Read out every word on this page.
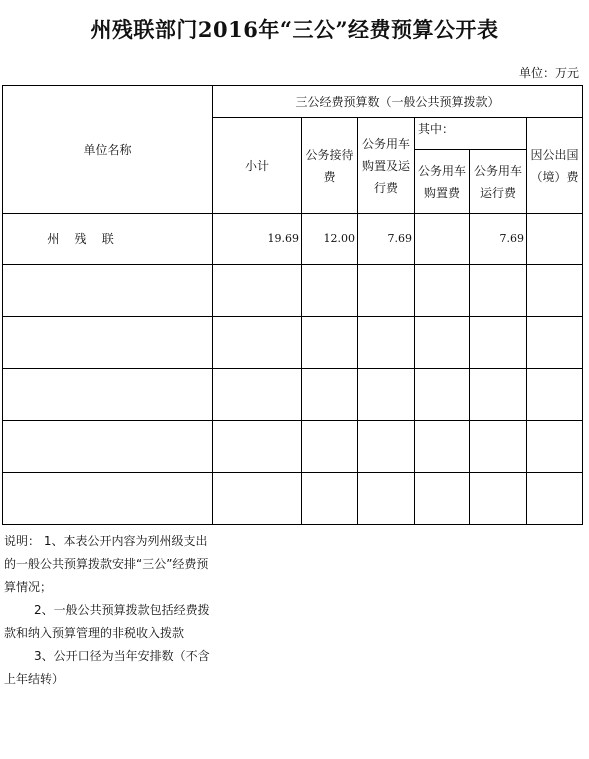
州残联部门2016年“三公”经费预算公开表
单位：万元
单位名称	三公经费预算数（一般公共预算拨款）					
	小计	公务接待费	公务用车购置及运行费	其中：		因公出国（境）费
				公务用车购置费	公务用车运行费	
州    残    联	19.69	12.00	7.69		7.69	

说明： 1、本表公开内容为列州级支出的一般公共预算拨款安排“三公”经费预算情况；

2、一般公共预算拨款包括经费拨款和纳入预算管理的非税收入拨款

3、公开口径为当年安排数（不含上年结转）
